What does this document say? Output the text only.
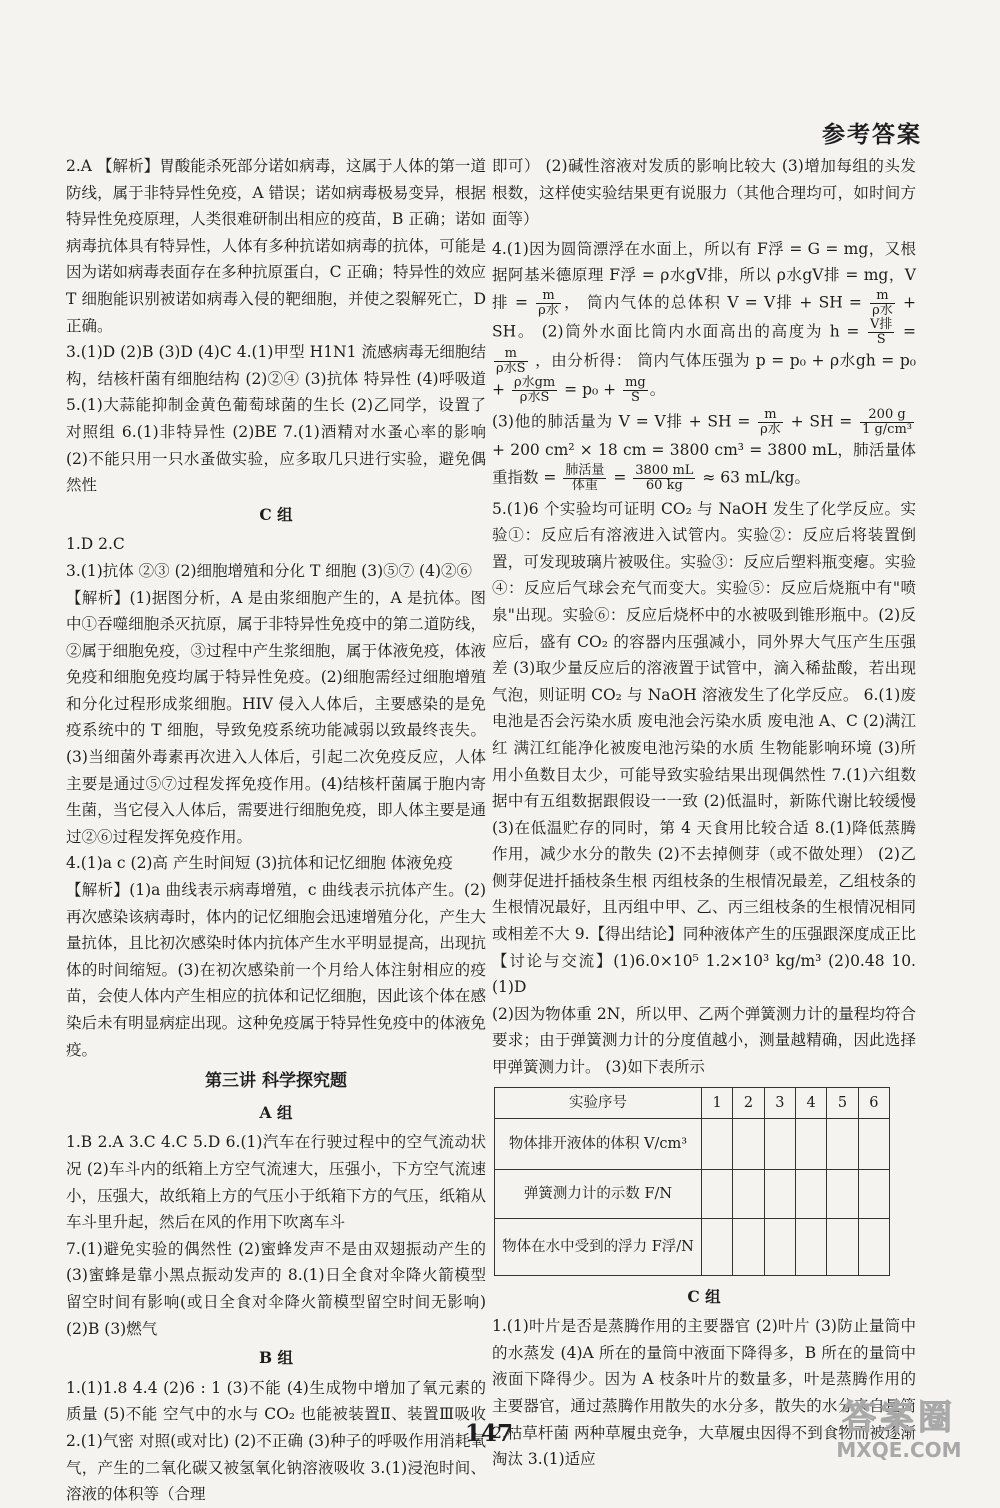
参考答案

2.A 【解析】胃酸能杀死部分诺如病毒，这属于人体的第一道防线，属于非特异性免疫，A 错误；诺如病毒极易变异，根据特异性免疫原理，人类很难研制出相应的疫苗，B 正确；诺如病毒抗体具有特异性，人体有多种抗诺如病毒的抗体，可能是因为诺如病毒表面存在多种抗原蛋白，C 正确；特异性的效应 T 细胞能识别被诺如病毒入侵的靶细胞，并使之裂解死亡，D 正确。

3.(1)D (2)B (3)D (4)C 4.(1)甲型 H1N1 流感病毒无细胞结构，结核杆菌有细胞结构 (2)②④ (3)抗体 特异性 (4)呼吸道 5.(1)大蒜能抑制金黄色葡萄球菌的生长 (2)乙同学，设置了对照组 6.(1)非特异性 (2)BE 7.(1)酒精对水蚤心率的影响 (2)不能只用一只水蚤做实验，应多取几只进行实验，避免偶然性

C 组

1.D 2.C

3.(1)抗体 ②③ (2)细胞增殖和分化 T 细胞 (3)⑤⑦ (4)②⑥

【解析】(1)据图分析，A 是由浆细胞产生的，A 是抗体。图中①吞噬细胞杀灭抗原，属于非特异性免疫中的第二道防线，②属于细胞免疫，③过程中产生浆细胞，属于体液免疫，体液免疫和细胞免疫均属于特异性免疫。(2)细胞需经过细胞增殖和分化过程形成浆细胞。HIV 侵入人体后，主要感染的是免疫系统中的 T 细胞，导致免疫系统功能减弱以致最终丧失。(3)当细菌外毒素再次进入人体后，引起二次免疫反应，人体主要是通过⑤⑦过程发挥免疫作用。(4)结核杆菌属于胞内寄生菌，当它侵入人体后，需要进行细胞免疫，即人体主要是通过②⑥过程发挥免疫作用。

4.(1)a c (2)高 产生时间短 (3)抗体和记忆细胞 体液免疫

【解析】(1)a 曲线表示病毒增殖，c 曲线表示抗体产生。(2)再次感染该病毒时，体内的记忆细胞会迅速增殖分化，产生大量抗体，且比初次感染时体内抗体产生水平明显提高，出现抗体的时间缩短。(3)在初次感染前一个月给人体注射相应的疫苗，会使人体内产生相应的抗体和记忆细胞，因此该个体在感染后未有明显病症出现。这种免疫属于特异性免疫中的体液免疫。

第三讲 科学探究题

A 组

1.B 2.A 3.C 4.C 5.D 6.(1)汽车在行驶过程中的空气流动状况 (2)车斗内的纸箱上方空气流速大，压强小，下方空气流速小，压强大，故纸箱上方的气压小于纸箱下方的气压，纸箱从车斗里升起，然后在风的作用下吹离车斗

7.(1)避免实验的偶然性 (2)蜜蜂发声不是由双翅振动产生的 (3)蜜蜂是靠小黑点振动发声的 8.(1)日全食对伞降火箭模型留空时间有影响(或日全食对伞降火箭模型留空时间无影响) (2)B (3)燃气

B 组

1.(1)1.8 4.4 (2)6 : 1 (3)不能 (4)生成物中增加了氧元素的质量 (5)不能 空气中的水与 CO₂ 也能被装置Ⅱ、装置Ⅲ吸收 2.(1)气密 对照(或对比) (2)不正确 (3)种子的呼吸作用消耗氧气，产生的二氧化碳又被氢氧化钠溶液吸收 3.(1)浸泡时间、溶液的体积等（合理

即可） (2)碱性溶液对发质的影响比较大 (3)增加每组的头发根数，这样使实验结果更有说服力（其他合理均可，如时间方面等）

4.(1)因为圆筒漂浮在水面上，所以有 F浮 = G = mg，又根据阿基米德原理 F浮 = ρ水gV排，所以 ρ水gV排 = mg，V排 = $\frac{m}{\text{ρ水}}$ ， 筒内气体的总体积 V = V排 + SH = $\frac{m}{\text{ρ水}}$ + SH。 (2)筒外水面比筒内水面高出的高度为 $h = \frac{\text{V排}}{S}$ =
$\frac{m}{\text{ρ水S}}$ ，由分析得： 筒内气体压强为 p = p₀ + ρ水gh = $p_0 + \frac{\text{ρ水gm}}{\text{ρ水S}} = p_0 + \frac{mg}{S}$ 。

(3)他的肺活量为 V = V排 + SH = $\frac{m}{\text{ρ水}}$ + SH = $\frac{200 g}{\text{1 g/cm³}}$
+ 200 cm² × 18 cm = 3800 cm³ = 3800 mL，肺活量体重指数 = $\frac{\text{肺活量}}{\text{体重}} = \frac{3800 mL}{60 kg} \approx 63$ mL/kg。

5.(1)6 个实验均可证明 CO₂ 与 NaOH 发生了化学反应。实验①：反应后有溶液进入试管内。实验②：反应后将装置倒置，可发现玻璃片被吸住。实验③：反应后塑料瓶变瘪。实验④：反应后气球会充气而变大。实验⑤：反应后烧瓶中有"喷泉"出现。实验⑥：反应后烧杯中的水被吸到锥形瓶中。(2)反应后，盛有 CO₂ 的容器内压强减小，同外界大气压产生压强差 (3)取少量反应后的溶液置于试管中，滴入稀盐酸，若出现气泡，则证明 CO₂ 与 NaOH 溶液发生了化学反应。 6.(1)废电池是否会污染水质 废电池会污染水质 废电池 A、C (2)满江红 满江红能净化被废电池污染的水质 生物能影响环境 (3)所用小鱼数目太少，可能导致实验结果出现偶然性 7.(1)六组数据中有五组数据跟假设一一致 (2)低温时，新陈代谢比较缓慢 (3)在低温贮存的同时，第 4 天食用比较合适 8.(1)降低蒸腾作用，减少水分的散失 (2)不去掉侧芽（或不做处理） (2)乙 侧芽促进扦插枝条生根 丙组枝条的生根情况最差，乙组枝条的生根情况最好，且丙组中甲、乙、丙三组枝条的生根情况相同或相差不大 9.【得出结论】同种液体产生的压强跟深度成正比 【讨论与交流】(1)6.0×10⁵ 1.2×10³ kg/m³ (2)0.48 10.(1)D

(2)因为物体重 2N，所以甲、乙两个弹簧测力计的量程均符合要求；由于弹簧测力计的分度值越小，测量越精确，因此选择甲弹簧测力计。 (3)如下表所示

实验序号	1	2	3	4	5	6
物体排开液体的体积 V/cm³						
弹簧测力计的示数 F/N						
物体在水中受到的浮力 F浮/N						

C 组

1.(1)叶片是否是蒸腾作用的主要器官 (2)叶片 (3)防止量筒中的水蒸发 (4)A 所在的量筒中液面下降得多，B 所在的量筒中液面下降得少。因为 A 枝条叶片的数量多，叶是蒸腾作用的主要器官，通过蒸腾作用散失的水分多，散失的水分来自量筒 2.枯草杆菌 两种草履虫竞争，大草履虫因得不到食物而被逐渐淘汰 3.(1)适应

147	答案圈
MXQE.COM
